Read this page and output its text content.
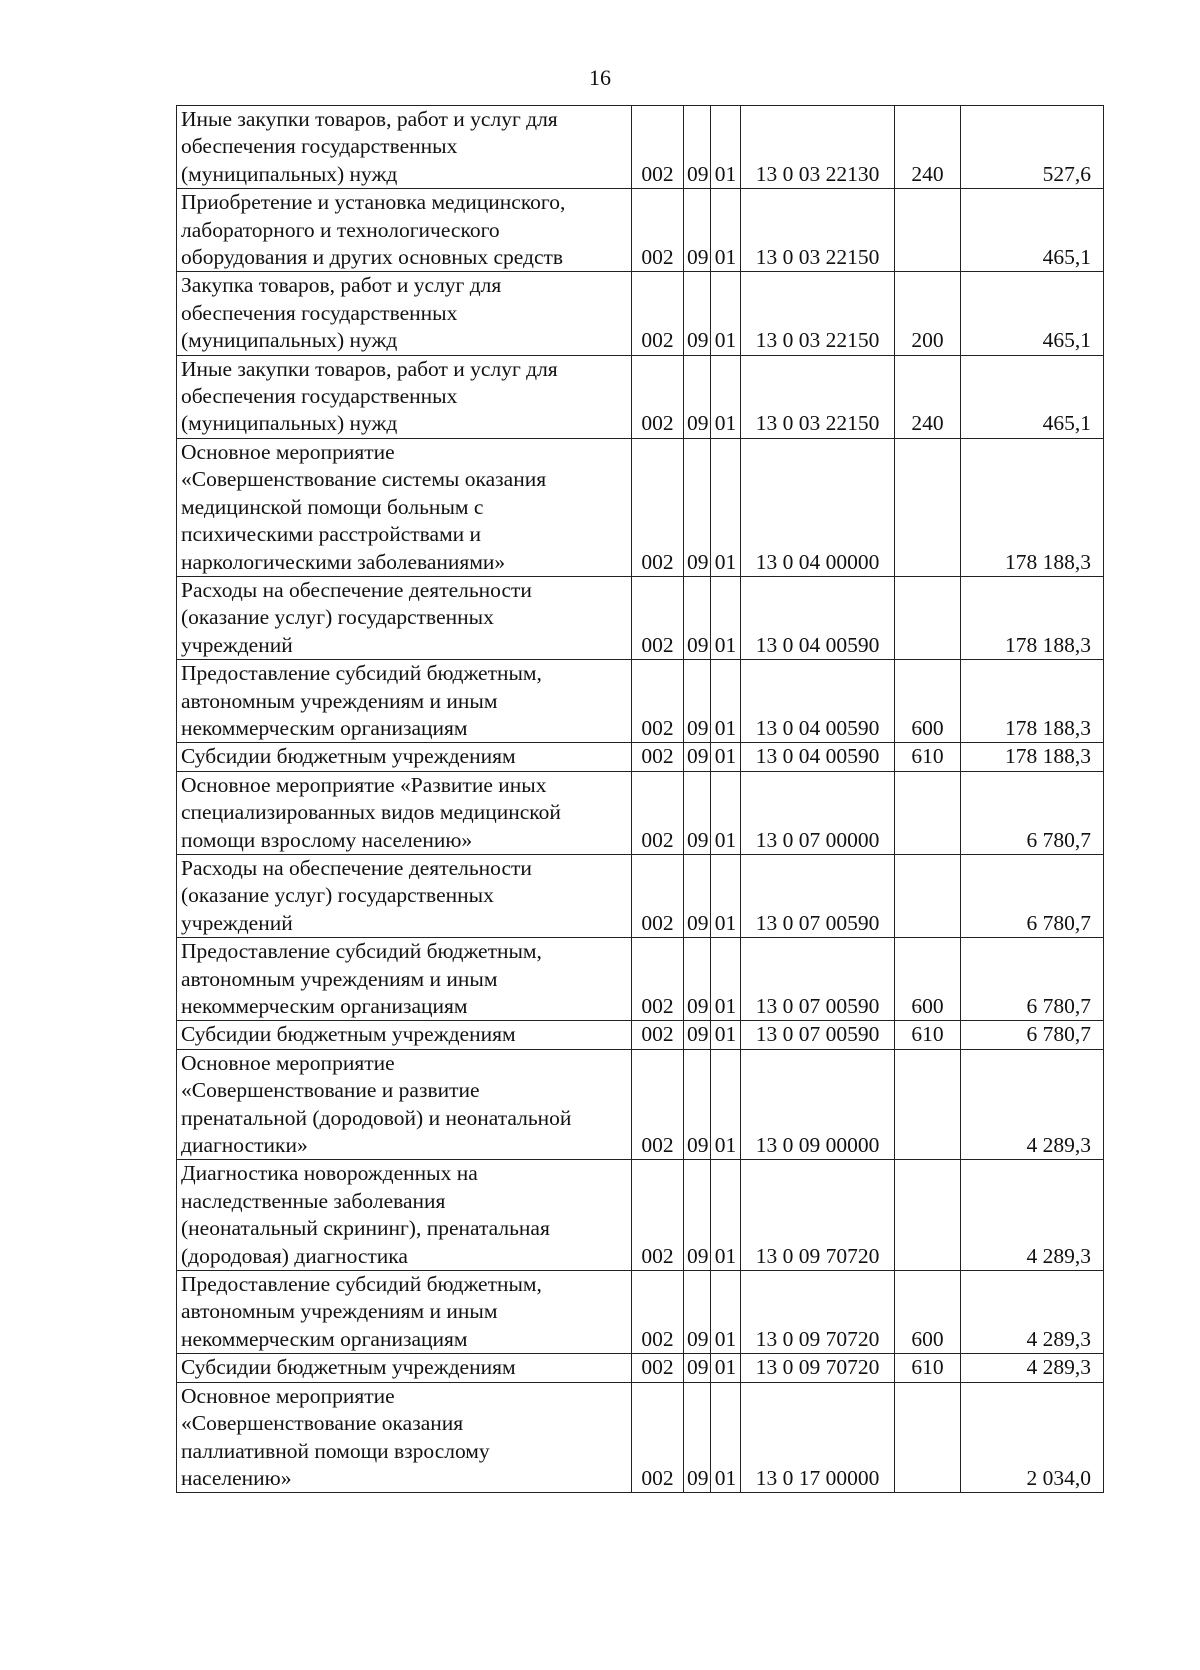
16
Иные закупки товаров, работ и услуг для
обеспечения государственных
(муниципальных) нужд	002	09	01	13 0 03 22130	240	527,6

Приобретение и установка медицинского,
лабораторного и технологического
оборудования и других основных средств	002	09	01	13 0 03 22150		465,1

Закупка товаров, работ и услуг для
обеспечения государственных
(муниципальных) нужд	002	09	01	13 0 03 22150	200	465,1

Иные закупки товаров, работ и услуг для
обеспечения государственных
(муниципальных) нужд	002	09	01	13 0 03 22150	240	465,1

Основное мероприятие
«Совершенствование системы оказания
медицинской помощи больным с
психическими расстройствами и
наркологическими заболеваниями»	002	09	01	13 0 04 00000		178 188,3

Расходы на обеспечение деятельности
(оказание услуг) государственных
учреждений	002	09	01	13 0 04 00590		178 188,3

Предоставление субсидий бюджетным,
автономным учреждениям и иным
некоммерческим организациям	002	09	01	13 0 04 00590	600	178 188,3

Субсидии бюджетным учреждениям	002	09	01	13 0 04 00590	610	178 188,3

Основное мероприятие «Развитие иных
специализированных видов медицинской
помощи взрослому населению»	002	09	01	13 0 07 00000		6 780,7

Расходы на обеспечение деятельности
(оказание услуг) государственных
учреждений	002	09	01	13 0 07 00590		6 780,7

Предоставление субсидий бюджетным,
автономным учреждениям и иным
некоммерческим организациям	002	09	01	13 0 07 00590	600	6 780,7

Субсидии бюджетным учреждениям	002	09	01	13 0 07 00590	610	6 780,7

Основное мероприятие
«Совершенствование и развитие
пренатальной (дородовой) и неонатальной
диагностики»	002	09	01	13 0 09 00000		4 289,3

Диагностика новорожденных на
наследственные заболевания
(неонатальный скрининг), пренатальная
(дородовая) диагностика	002	09	01	13 0 09 70720		4 289,3

Предоставление субсидий бюджетным,
автономным учреждениям и иным
некоммерческим организациям	002	09	01	13 0 09 70720	600	4 289,3

Субсидии бюджетным учреждениям	002	09	01	13 0 09 70720	610	4 289,3

Основное мероприятие
«Совершенствование оказания
паллиативной помощи взрослому
населению»	002	09	01	13 0 17 00000		2 034,0
